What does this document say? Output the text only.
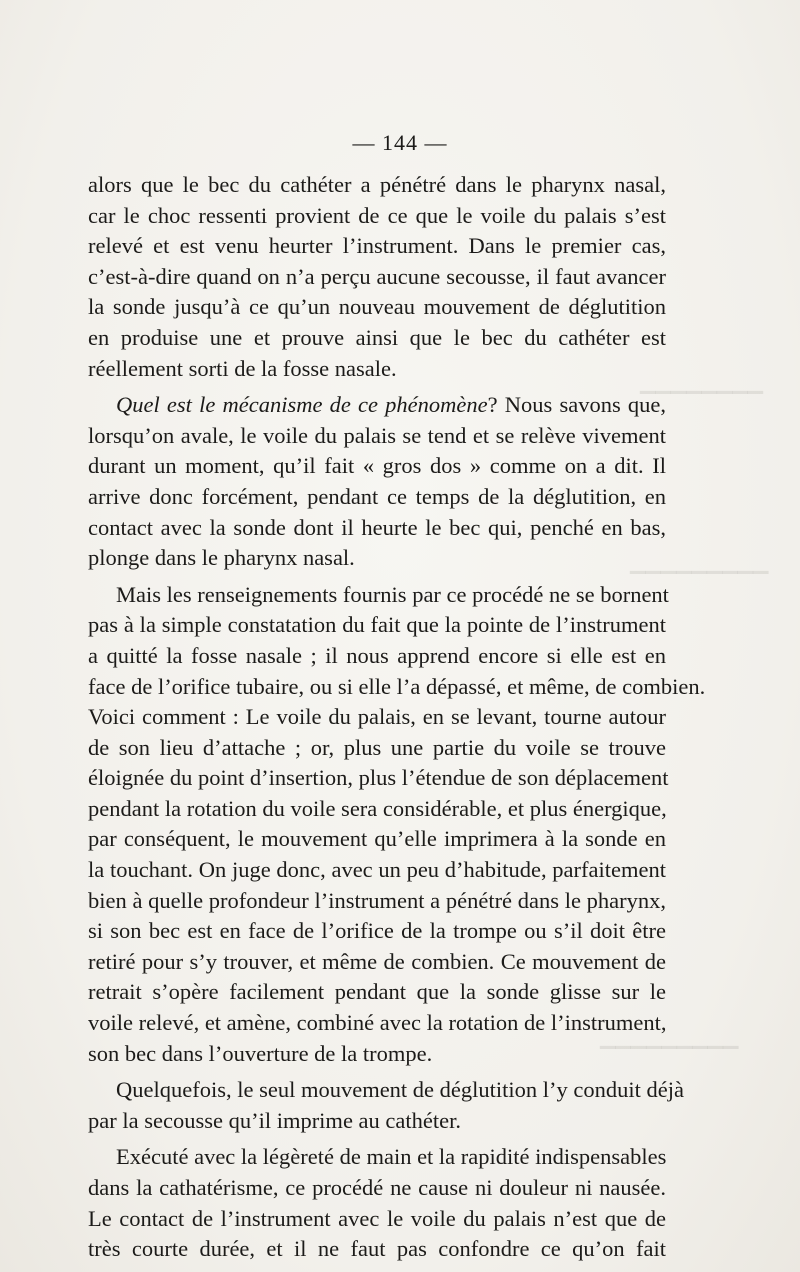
▁▁▁▁▁▁▁▁
▁▁▁▁▁▁▁▁▁
▁▁▁▁▁▁▁▁▁
— 144 —
alors que le bec du cathéter a pénétré dans le pharynx nasal,
car le choc ressenti provient de ce que le voile du palais s’est
relevé et est venu heurter l’instrument. Dans le premier cas,
c’est-à-dire quand on n’a perçu aucune secousse, il faut avancer
la sonde jusqu’à ce qu’un nouveau mouvement de déglutition
en produise une et prouve ainsi que le bec du cathéter est
réellement sorti de la fosse nasale.
Quel est le mécanisme de ce phénomène? Nous savons que,
lorsqu’on avale, le voile du palais se tend et se relève vivement
durant un moment, qu’il fait « gros dos » comme on a dit. Il
arrive donc forcément, pendant ce temps de la déglutition, en
contact avec la sonde dont il heurte le bec qui, penché en bas,
plonge dans le pharynx nasal.
Mais les renseignements fournis par ce procédé ne se bornent
pas à la simple constatation du fait que la pointe de l’instrument
a quitté la fosse nasale ; il nous apprend encore si elle est en
face de l’orifice tubaire, ou si elle l’a dépassé, et même, de combien.
Voici comment : Le voile du palais, en se levant, tourne autour
de son lieu d’attache ; or, plus une partie du voile se trouve
éloignée du point d’insertion, plus l’étendue de son déplacement
pendant la rotation du voile sera considérable, et plus énergique,
par conséquent, le mouvement qu’elle imprimera à la sonde en
la touchant. On juge donc, avec un peu d’habitude, parfaitement
bien à quelle profondeur l’instrument a pénétré dans le pharynx,
si son bec est en face de l’orifice de la trompe ou s’il doit être
retiré pour s’y trouver, et même de combien. Ce mouvement de
retrait s’opère facilement pendant que la sonde glisse sur le
voile relevé, et amène, combiné avec la rotation de l’instrument,
son bec dans l’ouverture de la trompe.
Quelquefois, le seul mouvement de déglutition l’y conduit déjà
par la secousse qu’il imprime au cathéter.
Exécuté avec la légèreté de main et la rapidité indispensables
dans la cathatérisme, ce procédé ne cause ni douleur ni nausée.
Le contact de l’instrument avec le voile du palais n’est que de
très courte durée, et il ne faut pas confondre ce qu’on fait
